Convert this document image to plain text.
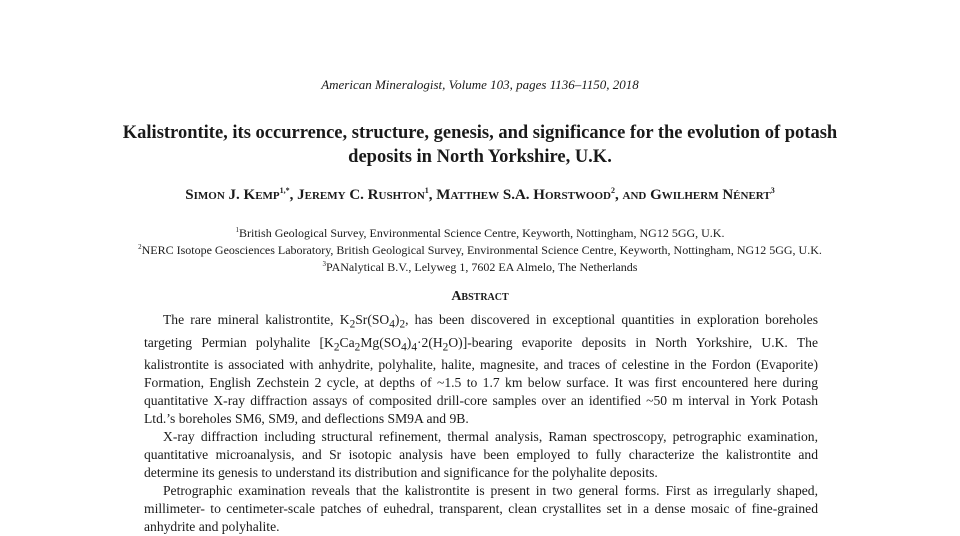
American Mineralogist, Volume 103, pages 1136–1150, 2018
Kalistrontite, its occurrence, structure, genesis, and significance for the evolution of potash deposits in North Yorkshire, U.K.
Simon J. Kemp$^{1,*}$, Jeremy C. Rushton$^1$, Matthew S.A. Horstwood$^2$, and Gwilherm Nénert$^3$
$^1$British Geological Survey, Environmental Science Centre, Keyworth, Nottingham, NG12 5GG, U.K.
$^2$NERC Isotope Geosciences Laboratory, British Geological Survey, Environmental Science Centre, Keyworth, Nottingham, NG12 5GG, U.K.
$^3$PANalytical B.V., Lelyweg 1, 7602 EA Almelo, The Netherlands
Abstract

The rare mineral kalistrontite, $K_2Sr(SO_4)_2$, has been discovered in exceptional quantities in exploration boreholes targeting Permian polyhalite $[K_2Ca_2Mg(SO_4)_4\cdot 2(H_2O)]$-bearing evaporite deposits in North Yorkshire, U.K. The kalistrontite is associated with anhydrite, polyhalite, halite, magnesite, and traces of celestine in the Fordon (Evaporite) Formation, English Zechstein 2 cycle, at depths of ~1.5 to 1.7 km below surface. It was first encountered here during quantitative X-ray diffraction assays of composited drill-core samples over an identified ~50 m interval in York Potash Ltd.’s boreholes SM6, SM9, and deflections SM9A and 9B.

X-ray diffraction including structural refinement, thermal analysis, Raman spectroscopy, petrographic examination, quantitative microanalysis, and Sr isotopic analysis have been employed to fully characterize the kalistrontite and determine its genesis to understand its distribution and significance for the polyhalite deposits.

Petrographic examination reveals that the kalistrontite is present in two general forms. First as irregularly shaped, millimeter- to centimeter-scale patches of euhedral, transparent, clean crystallites set in a dense mosaic of fine-grained anhydrite and polyhalite.
